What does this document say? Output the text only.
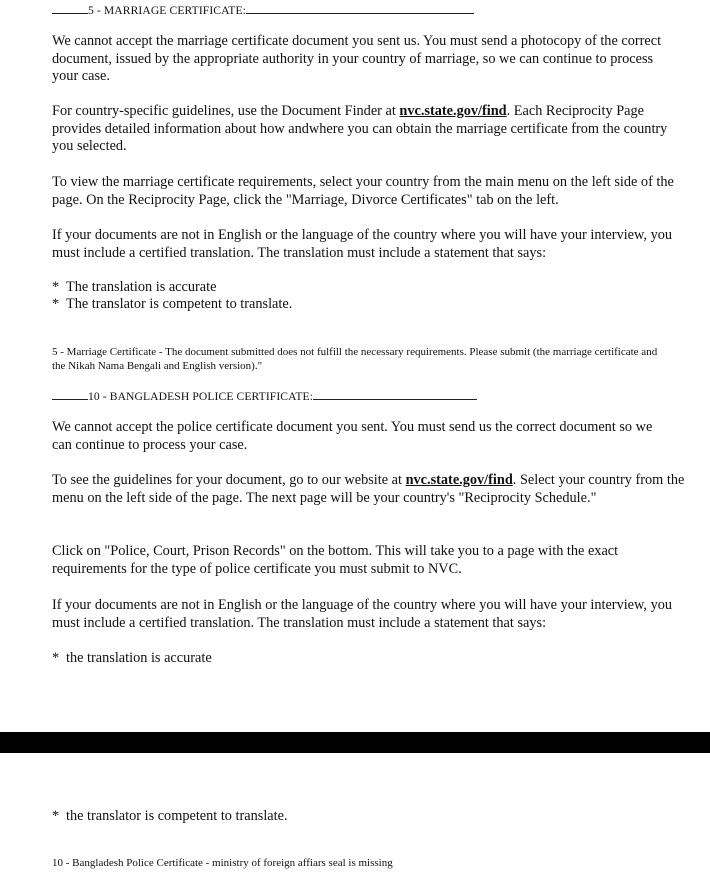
5 - MARRIAGE CERTIFICATE:

We cannot accept the marriage certificate document you sent us. You must send a photocopy of the correct document, issued by the appropriate authority in your country of marriage, so we can continue to process your case.

For country-specific guidelines, use the Document Finder at nvc.state.gov/find. Each Reciprocity Page provides detailed information about how andwhere you can obtain the marriage certificate from the country you selected.

To view the marriage certificate requirements, select your country from the main menu on the left side of the page. On the Reciprocity Page, click the "Marriage, Divorce Certificates" tab on the left.

If your documents are not in English or the language of the country where you will have your interview, you must include a certified translation. The translation must include a statement that says:

* The translation is accurate
* The translator is competent to translate.

5 - Marriage Certificate - The document submitted does not fulfill the necessary requirements. Please submit (the marriage certificate and the Nikah Nama Bengali and English version)."

10 - BANGLADESH POLICE CERTIFICATE:

We cannot accept the police certificate document you sent. You must send us the correct document so we can continue to process your case.

To see the guidelines for your document, go to our website at nvc.state.gov/find. Select your country from the menu on the left side of the page. The next page will be your country's "Reciprocity Schedule."

Click on "Police, Court, Prison Records" on the bottom. This will take you to a page with the exact requirements for the type of police certificate you must submit to NVC.

If your documents are not in English or the language of the country where you will have your interview, you must include a certified translation. The translation must include a statement that says:

* the translation is accurate
* the translator is competent to translate.

10 - Bangladesh Police Certificate - ministry of foreign affiars seal is missing
